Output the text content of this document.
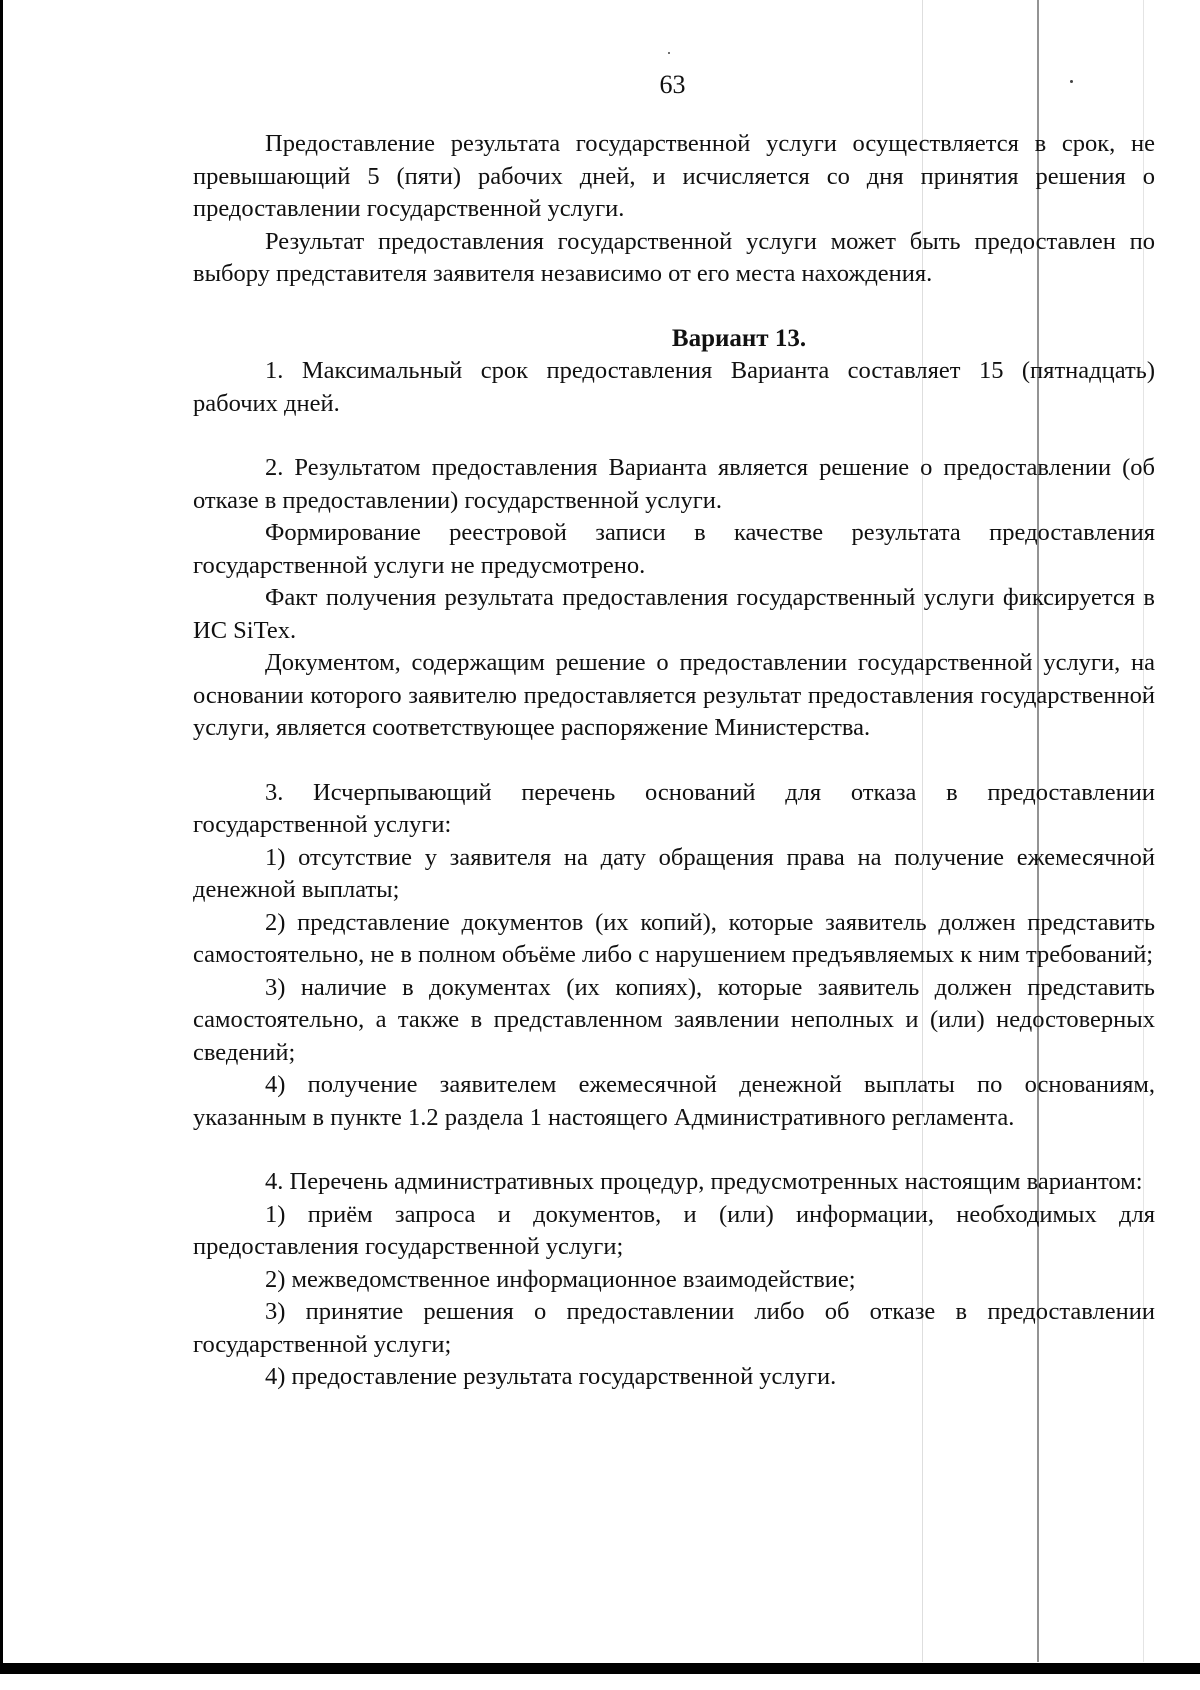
63

Предоставление результата государственной услуги осуществляется в срок, не превышающий 5 (пяти) рабочих дней, и исчисляется со дня принятия решения о предоставлении государственной услуги.

Результат предоставления государственной услуги может быть предоставлен по выбору представителя заявителя независимо от его места нахождения.

Вариант 13.

1. Максимальный срок предоставления Варианта составляет 15 (пятнадцать) рабочих дней.

2. Результатом предоставления Варианта является решение о предоставлении (об отказе в предоставлении) государственной услуги.

Формирование реестровой записи в качестве результата предоставления государственной услуги не предусмотрено.

Факт получения результата предоставления государственный услуги фиксируется в ИС SiTex.

Документом, содержащим решение о предоставлении государственной услуги, на основании которого заявителю предоставляется результат предоставления государственной услуги, является соответствующее распоряжение Министерства.

3. Исчерпывающий перечень оснований для отказа в предоставлении государственной услуги:

1) отсутствие у заявителя на дату обращения права на получение ежемесячной денежной выплаты;

2) представление документов (их копий), которые заявитель должен представить самостоятельно, не в полном объёме либо с нарушением предъявляемых к ним требований;

3) наличие в документах (их копиях), которые заявитель должен представить самостоятельно, а также в представленном заявлении неполных и (или) недостоверных сведений;

4) получение заявителем ежемесячной денежной выплаты по основаниям, указанным в пункте 1.2 раздела 1 настоящего Административного регламента.

4. Перечень административных процедур, предусмотренных настоящим вариантом:

1) приём запроса и документов, и (или) информации, необходимых для предоставления государственной услуги;

2) межведомственное информационное взаимодействие;

3) принятие решения о предоставлении либо об отказе в предоставлении государственной услуги;

4) предоставление результата государственной услуги.
